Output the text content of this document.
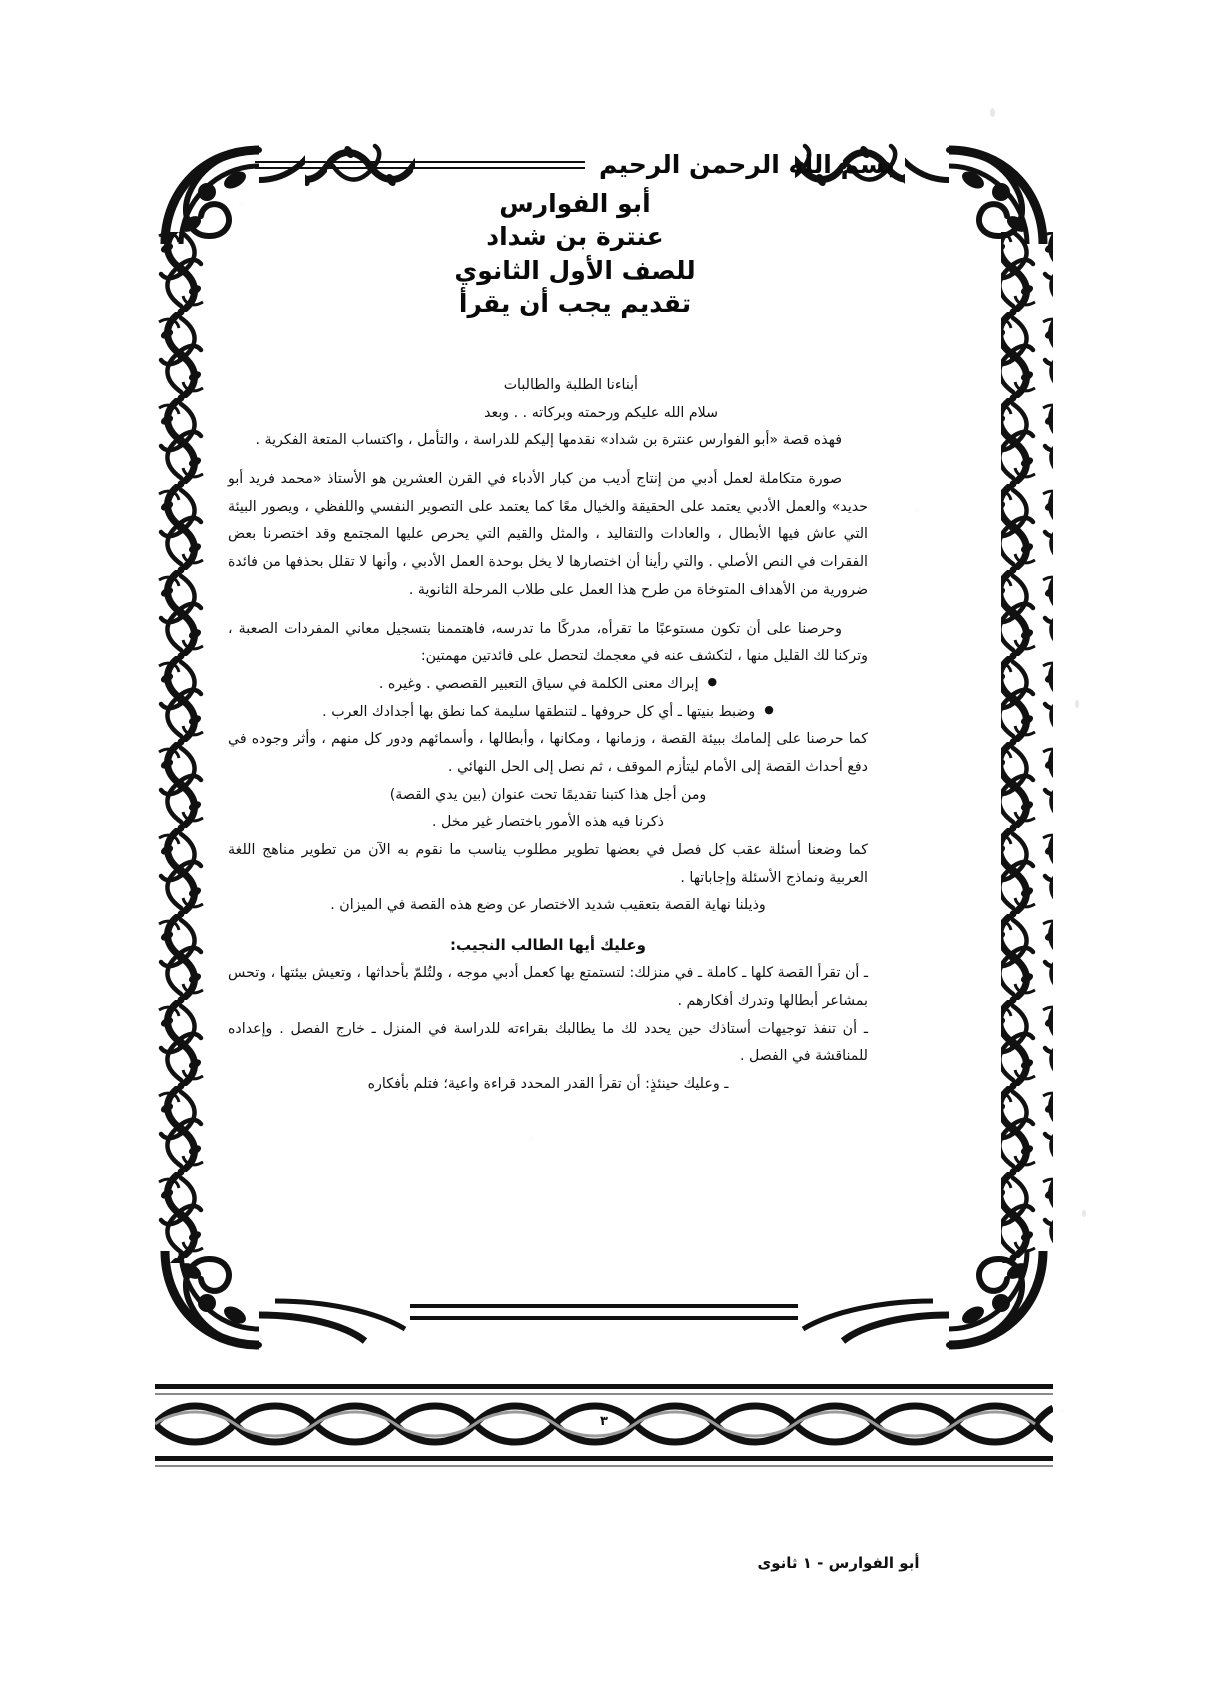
بسم الله الرحمن الرحيم
أبو الفوارس
عنترة بن شداد
للصف الأول الثانوي
تقديم يجب أن يقرأ

أبناءنا الطلبة والطالبات

سلام الله عليكم ورحمته وبركاته . . وبعد

فهذه قصة «أبو الفوارس عنترة بن شداد» نقدمها إليكم للدراسة ، والتأمل ، واكتساب المتعة الفكرية .

صورة متكاملة لعمل أدبي من إنتاج أديب من كبار الأدباء في القرن العشرين هو الأستاذ «محمد فريد أبو حديد» والعمل الأدبي يعتمد على الحقيقة والخيال معًا كما يعتمد على التصوير النفسي واللفظي ، ويصور البيئة التي عاش فيها الأبطال ، والعادات والتقاليد ، والمثل والقيم التي يحرص عليها المجتمع وقد اختصرنا بعض الفقرات في النص الأصلي . والتي رأينا أن اختصارها لا يخل بوحدة العمل الأدبي ، وأنها لا تقلل بحذفها من فائدة ضرورية من الأهداف المتوخاة من طرح هذا العمل على طلاب المرحلة الثانوية .

وحرصنا على أن تكون مستوعبًا ما تقرأه، مدركًا ما تدرسه، فاهتممنا بتسجيل معاني المفردات الصعبة ، وتركنا لك القليل منها ، لتكشف عنه في معجمك لتحصل على فائدتين مهمتين:

●
إبراك معنى الكلمة في سياق التعبير القصصي . وغيره .
●
وضبط بنيتها ـ أي كل حروفها ـ لتنطقها سليمة كما نطق بها أجدادك العرب .

كما حرصنا على إلمامك ببيئة القصة ، وزمانها ، ومكانها ، وأبطالها ، وأسمائهم ودور كل منهم ، وأثر وجوده في دفع أحداث القصة إلى الأمام ليتأزم الموقف ، ثم نصل إلى الحل النهائي .

ومن أجل هذا كتبنا تقديمًا تحت عنوان (بين يدي القصة)

ذكرنا فيه هذه الأمور باختصار غير مخل .

كما وضعنا أسئلة عقب كل فصل في بعضها تطوير مطلوب يناسب ما نقوم به الآن من تطوير مناهج اللغة العربية ونماذج الأسئلة وإجاباتها .

وذيلنا نهاية القصة بتعقيب شديد الاختصار عن وضع هذه القصة في الميزان .

وعليك أيها الطالب النجيب:

ـ أن تقرأ القصة كلها ـ كاملة ـ في منزلك: لتستمتع بها كعمل أدبي موجه ، ولتُلمّ بأحداثها ، وتعيش بيئتها ، وتحس بمشاعر أبطالها وتدرك أفكارهم .

ـ أن تنفذ توجيهات أستاذك حين يحدد لك ما يطالبك بقراءته للدراسة في المنزل ـ خارج الفصل . وإعداده للمناقشة في الفصل .

ـ وعليك حينئذٍ: أن تقرأ القدر المحدد قراءة واعية؛ فتلم بأفكاره

٣
أبو الفوارس - ١ ثانوى
